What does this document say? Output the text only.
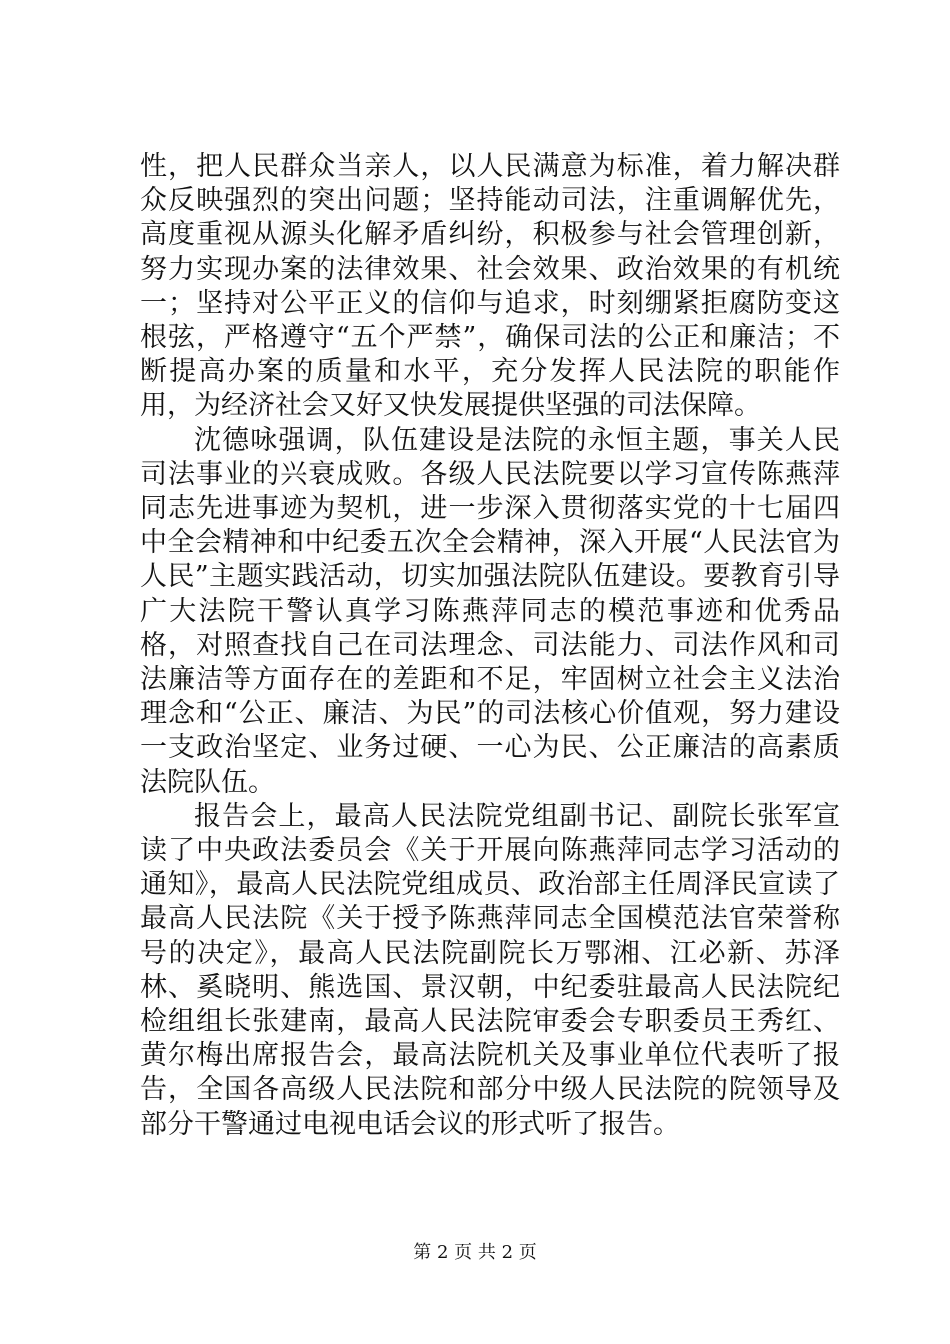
性，把人民群众当亲人，以人民满意为标准，着力解决群众反映强烈的突出问题；坚持能动司法，注重调解优先，高度重视从源头化解矛盾纠纷，积极参与社会管理创新，努力实现办案的法律效果、社会效果、政治效果的有机统一；坚持对公平正义的信仰与追求，时刻绷紧拒腐防变这根弦，严格遵守“五个严禁”，确保司法的公正和廉洁；不断提高办案的质量和水平，充分发挥人民法院的职能作用，为经济社会又好又快发展提供坚强的司法保障。

沈德咏强调，队伍建设是法院的永恒主题，事关人民司法事业的兴衰成败。各级人民法院要以学习宣传陈燕萍同志先进事迹为契机，进一步深入贯彻落实党的十七届四中全会精神和中纪委五次全会精神，深入开展“人民法官为人民”主题实践活动，切实加强法院队伍建设。要教育引导广大法院干警认真学习陈燕萍同志的模范事迹和优秀品格，对照查找自己在司法理念、司法能力、司法作风和司法廉洁等方面存在的差距和不足，牢固树立社会主义法治理念和“公正、廉洁、为民”的司法核心价值观，努力建设一支政治坚定、业务过硬、一心为民、公正廉洁的高素质法院队伍。

报告会上，最高人民法院党组副书记、副院长张军宣读了中央政法委员会《关于开展向陈燕萍同志学习活动的通知》，最高人民法院党组成员、政治部主任周泽民宣读了最高人民法院《关于授予陈燕萍同志全国模范法官荣誉称号的决定》，最高人民法院副院长万鄂湘、江必新、苏泽林、奚晓明、熊选国、景汉朝，中纪委驻最高人民法院纪检组组长张建南，最高人民法院审委会专职委员王秀红、黄尔梅出席报告会，最高法院机关及事业单位代表听了报告，全国各高级人民法院和部分中级人民法院的院领导及部分干警通过电视电话会议的形式听了报告。

第 2 页 共 2 页
